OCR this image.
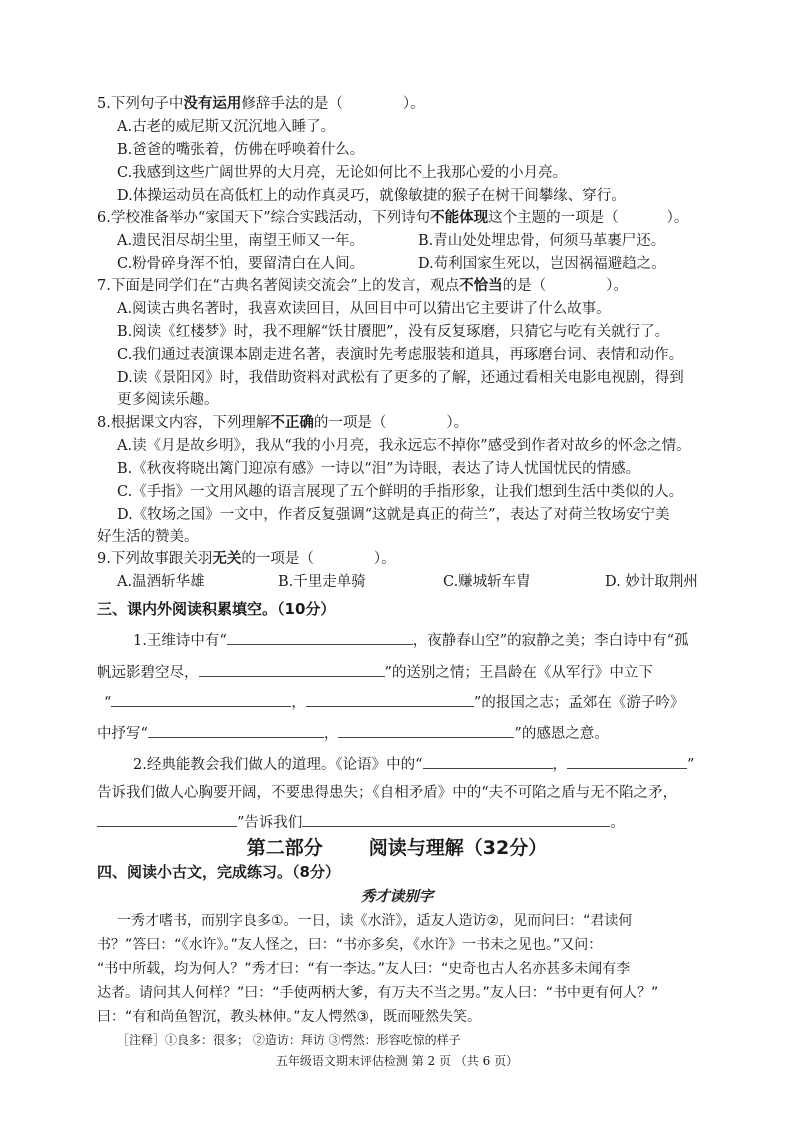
5.下列句子中没有运用修辞手法的是（	）。
A.古老的威尼斯又沉沉地入睡了。
B.爸爸的嘴张着，仿佛在呼唤着什么。
C.我感到这些广阔世界的大月亮，无论如何比不上我那心爱的小月亮。
D.体操运动员在高低杠上的动作真灵巧，就像敏捷的猴子在树干间攀缘、穿行。
6.学校准备举办“家国天下”综合实践活动，下列诗句不能体现这个主题的一项是（	）。
A.遗民泪尽胡尘里，南望王师又一年。	B.青山处处埋忠骨，何须马革裹尸还。
C.粉骨碎身浑不怕，要留清白在人间。	D.苟利国家生死以，岂因祸福避趋之。
7.下面是同学们在“古典名著阅读交流会”上的发言，观点不恰当的是（	）。
A.阅读古典名著时，我喜欢读回目，从回目中可以猜出它主要讲了什么故事。
B.阅读《红楼梦》时，我不理解“饫甘餍肥”，没有反复琢磨，只猜它与吃有关就行了。
C.我们通过表演课本剧走进名著，表演时先考虑服装和道具，再琢磨台词、表情和动作。
D.读《景阳冈》时，我借助资料对武松有了更多的了解，还通过看相关电影电视剧，得到
更多阅读乐趣。
8.根据课文内容，下列理解不正确的一项是（	）。
A.读《月是故乡明》，我从“我的小月亮，我永远忘不掉你”感受到作者对故乡的怀念之情。
B.《秋夜将晓出篱门迎凉有感》一诗以“泪”为诗眼，表达了诗人忧国忧民的情感。
C.《手指》一文用风趣的语言展现了五个鲜明的手指形象，让我们想到生活中类似的人。
D.《牧场之国》一文中，作者反复强调“这就是真正的荷兰”，表达了对荷兰牧场安宁美
好生活的赞美。
9.下列故事跟关羽无关的一项是（	）。
A.温酒斩华雄	B.千里走单骑	C.赚城斩车胄	D. 妙计取荆州
三、课内外阅读积累填空。（10分）
1.王维诗中有“	，夜静春山空”的寂静之美；李白诗中有“孤
帆远影碧空尽，	”的送别之情；王昌龄在《从军行》中立下
“	，	”的报国之志；孟郊在《游子吟》
中抒写“	，	”的感恩之意。
2.经典能教会我们做人的道理。《论语》中的“	，	”
告诉我们做人心胸要开阔，不要患得患失；《自相矛盾》中的“夫不可陷之盾与无不陷之矛，
”告诉我们	。
第二部分 阅读与理解（32分）
四、阅读小古文，完成练习。（8分）
秀才读别字
一秀才嗜书，而别字良多①。一日，读《水浒》，适友人造访②，见而问曰：“君读何
书？”答曰：“《水许》。”友人怪之，曰：“书亦多矣，《水许》一书未之见也。”又问：
“书中所载，均为何人？”秀才曰：“有一李达。”友人曰：“史奇也古人名亦甚多未闻有李
达者。请问其人何样？”曰：“手使两柄大爹，有万夫不当之男。”友人曰：“书中更有何人？”
曰：“有和尚鱼智沉，教头林伸。”友人愕然③，既而哑然失笑。
［注释］①良多：很多； ②造访：拜访 ③愕然：形容吃惊的样子
五年级语文期末评估检测 第 2 页 （共 6 页）
